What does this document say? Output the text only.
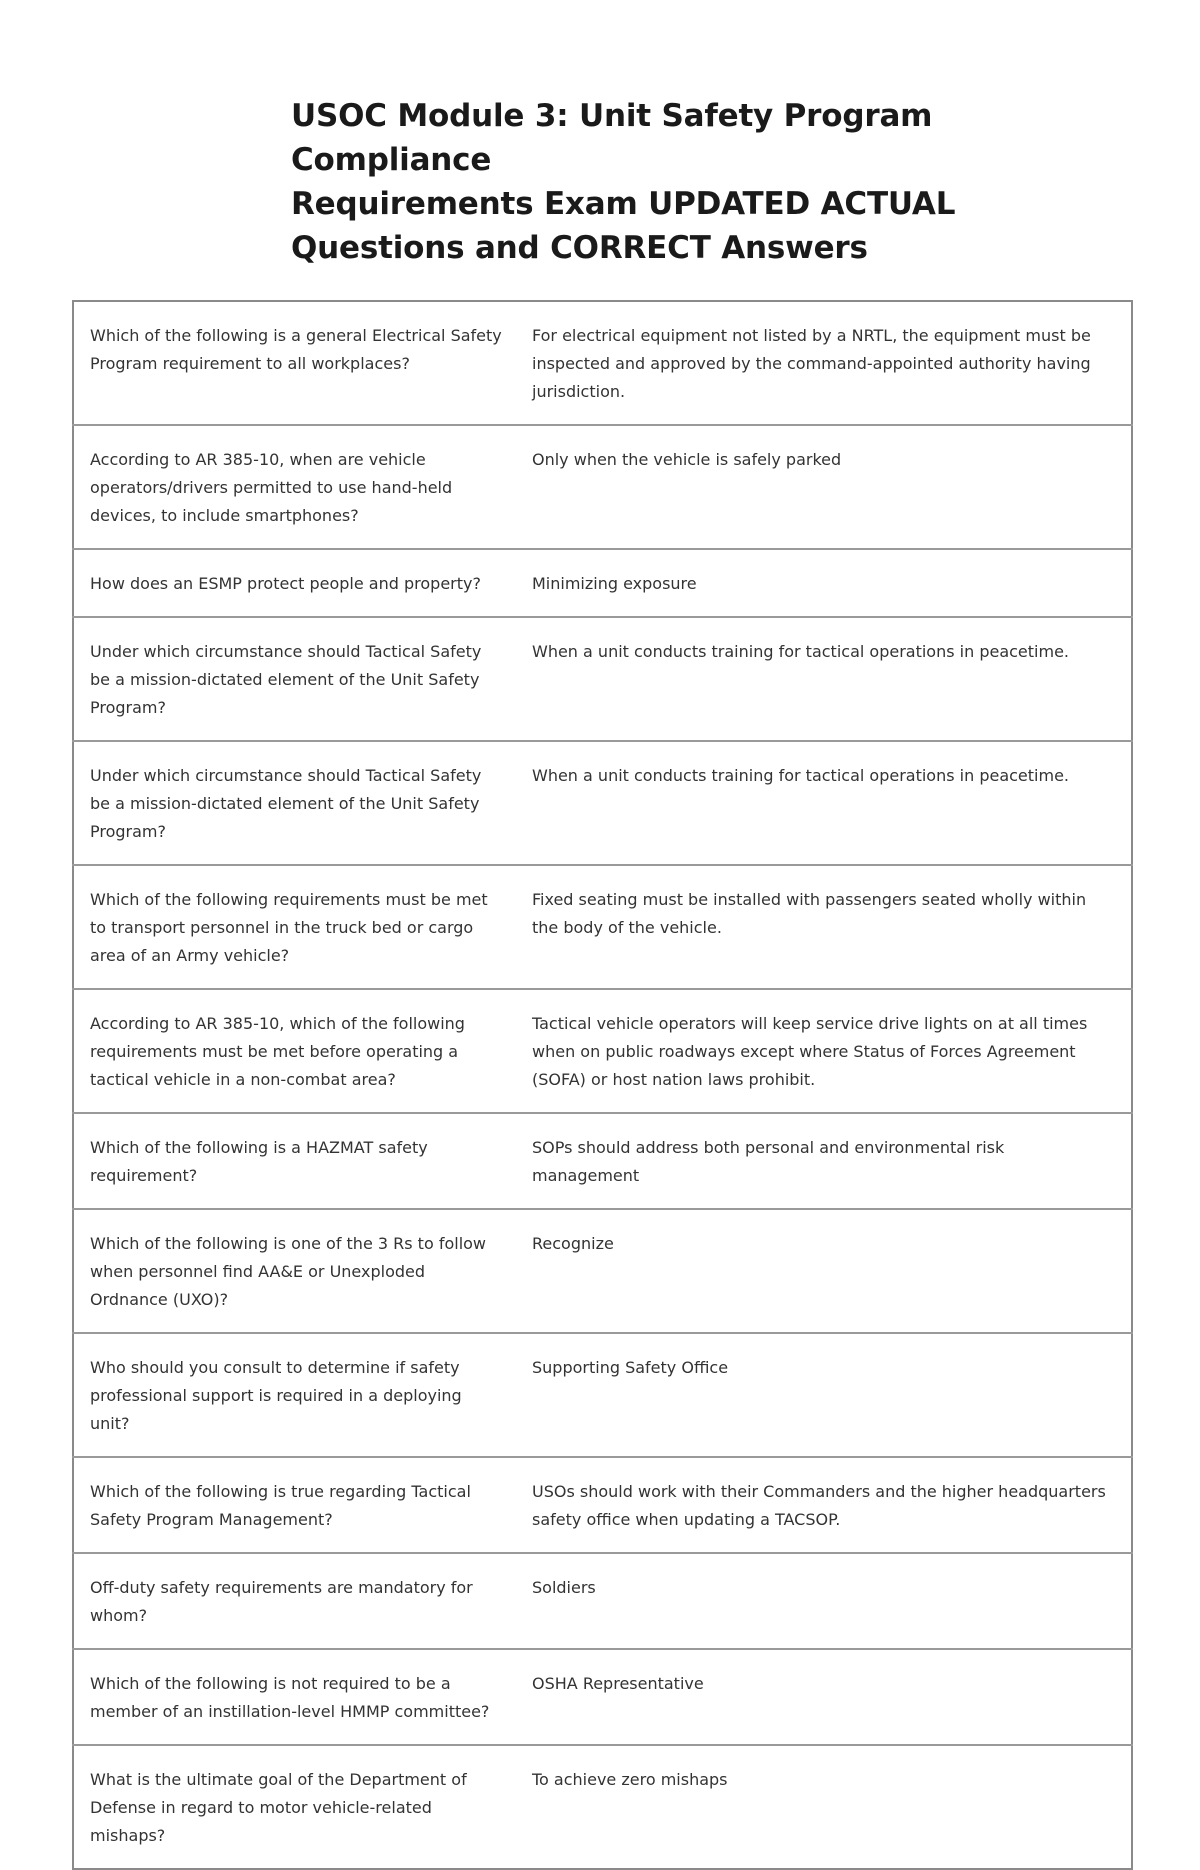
USOC Module 3: Unit Safety Program Compliance
Requirements Exam UPDATED ACTUAL
Questions and CORRECT Answers
Which of the following is a general Electrical Safety Program requirement to all workplaces?	For electrical equipment not listed by a NRTL, the equipment must be inspected and approved by the command-appointed authority having jurisdiction.
According to AR 385-10, when are vehicle operators/drivers permitted to use hand-held devices, to include smartphones?	Only when the vehicle is safely parked
How does an ESMP protect people and property?	Minimizing exposure
Under which circumstance should Tactical Safety be a mission-dictated element of the Unit Safety Program?	When a unit conducts training for tactical operations in peacetime.
Under which circumstance should Tactical Safety be a mission-dictated element of the Unit Safety Program?	When a unit conducts training for tactical operations in peacetime.
Which of the following requirements must be met to transport personnel in the truck bed or cargo area of an Army vehicle?	Fixed seating must be installed with passengers seated wholly within the body of the vehicle.
According to AR 385-10, which of the following requirements must be met before operating a tactical vehicle in a non-combat area?	Tactical vehicle operators will keep service drive lights on at all times when on public roadways except where Status of Forces Agreement (SOFA) or host nation laws prohibit.
Which of the following is a HAZMAT safety requirement?	SOPs should address both personal and environmental risk management
Which of the following is one of the 3 Rs to follow when personnel find AA&E or Unexploded Ordnance (UXO)?	Recognize
Who should you consult to determine if safety professional support is required in a deploying unit?	Supporting Safety Office
Which of the following is true regarding Tactical Safety Program Management?	USOs should work with their Commanders and the higher headquarters safety office when updating a TACSOP.
Off-duty safety requirements are mandatory for whom?	Soldiers
Which of the following is not required to be a member of an instillation-level HMMP committee?	OSHA Representative
What is the ultimate goal of the Department of Defense in regard to motor vehicle-related mishaps?	To achieve zero mishaps
